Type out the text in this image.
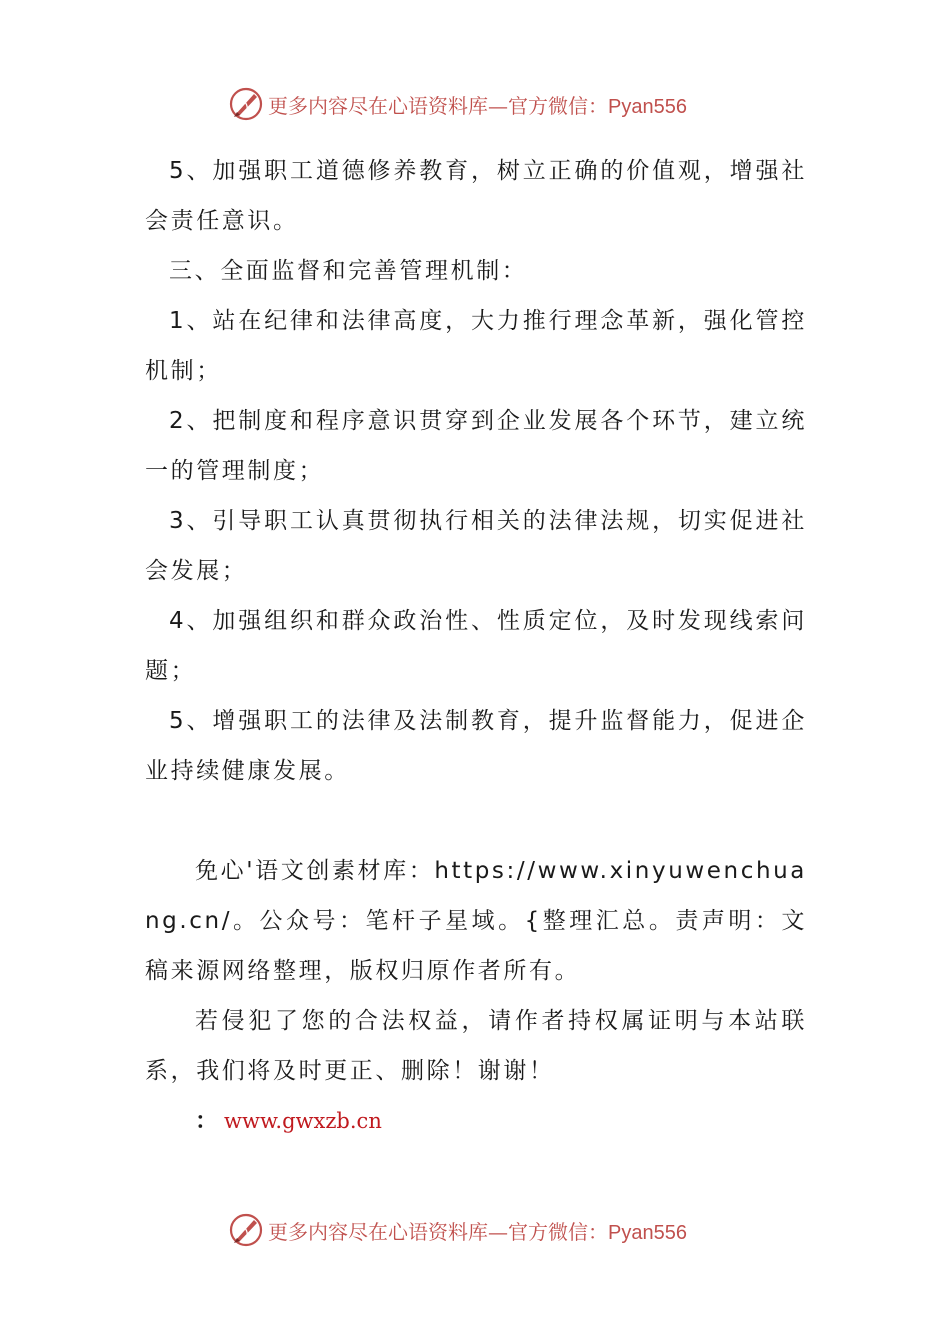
更多内容尽在心语资料库—官方微信：Pyan556

5、加强职工道德修养教育，树立正确的价值观，增强社会责任意识。

三、全面监督和完善管理机制：

1、站在纪律和法律高度，大力推行理念革新，强化管控机制；

2、把制度和程序意识贯穿到企业发展各个环节，建立统一的管理制度；

3、引导职工认真贯彻执行相关的法律法规，切实促进社会发展；

4、加强组织和群众政治性、性质定位，及时发现线索问题；

5、增强职工的法律及法制教育，提升监督能力，促进企业持续健康发展。

免心'语文创素材库：https://www.xinyuwenchuang.cn/。公众号：笔杆子星域。{整理汇总。责声明：文稿来源网络整理，版权归原作者所有。

若侵犯了您的合法权益，请作者持权属证明与本站联系，我们将及时更正、删除！谢谢！

： www.gwxzb.cn

更多内容尽在心语资料库—官方微信：Pyan556
